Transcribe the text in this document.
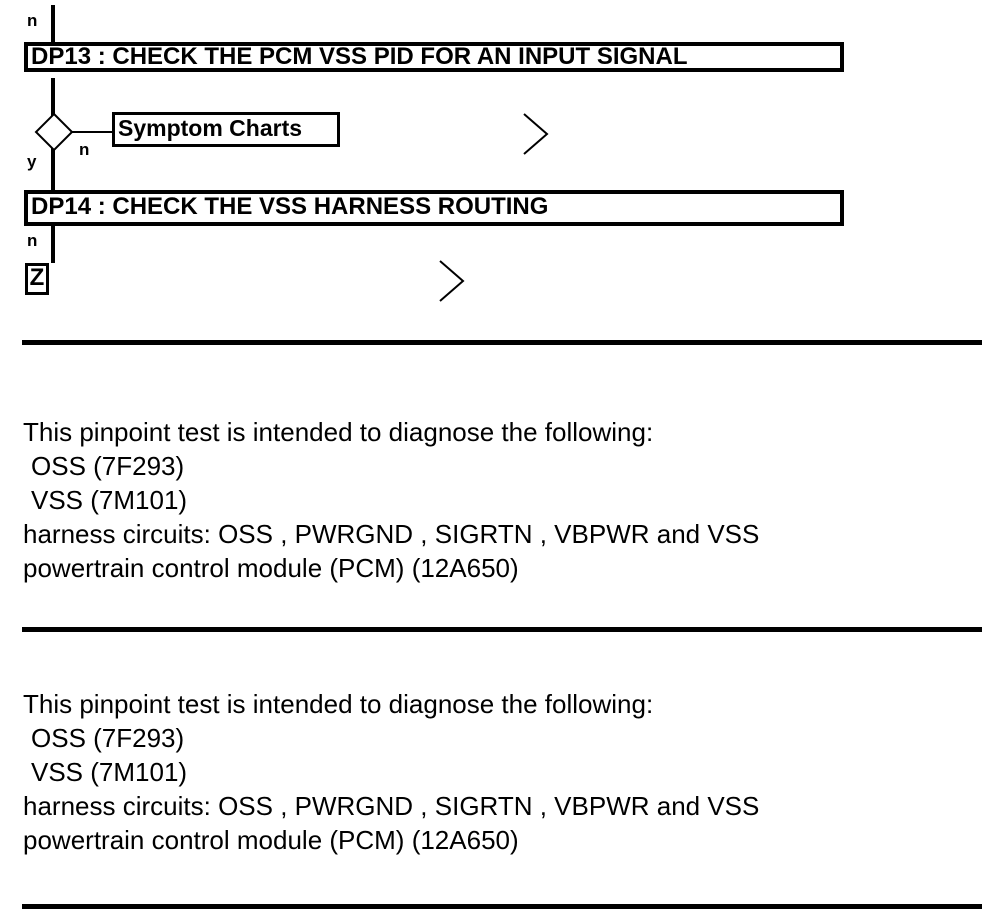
n
DP13 : CHECK THE PCM VSS PID FOR AN INPUT SIGNAL
y
n
Symptom Charts
DP14 : CHECK THE VSS HARNESS ROUTING
n
Z
This pinpoint test is intended to diagnose the following:
OSS (7F293)
VSS (7M101)
harness circuits: OSS , PWRGND , SIGRTN , VBPWR and VSS
powertrain control module (PCM) (12A650)
This pinpoint test is intended to diagnose the following:
OSS (7F293)
VSS (7M101)
harness circuits: OSS , PWRGND , SIGRTN , VBPWR and VSS
powertrain control module (PCM) (12A650)
